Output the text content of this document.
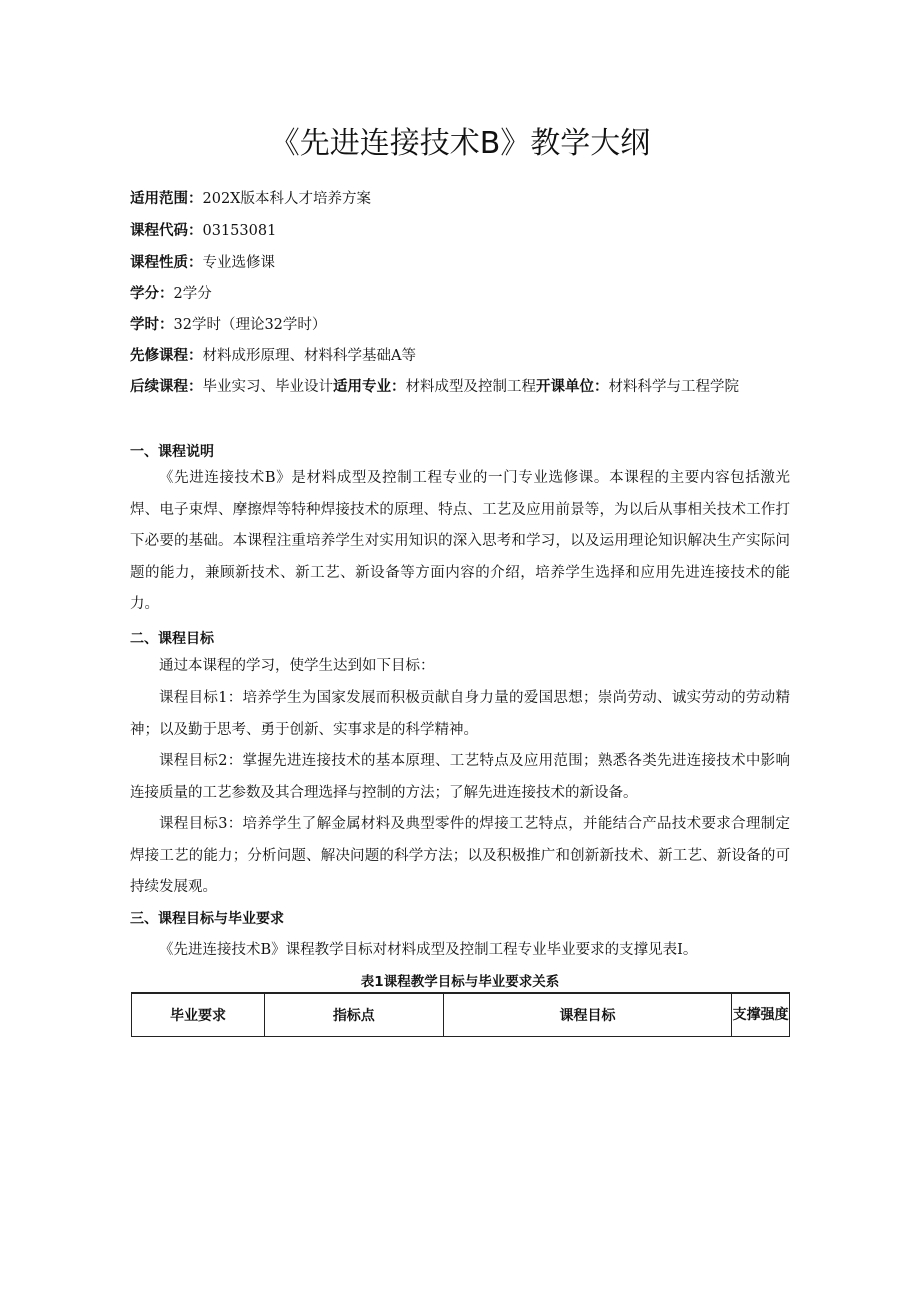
《先进连接技术B》教学大纲
适用范围：202X版本科人才培养方案
课程代码：03153081
课程性质：专业选修课
学分：2学分
学时：32学时（理论32学时）
先修课程：材料成形原理、材料科学基础A等
后续课程：毕业实习、毕业设计适用专业：材料成型及控制工程开课单位：材料科学与工程学院
一、课程说明
《先进连接技术B》是材料成型及控制工程专业的一门专业选修课。本课程的主要内容包括激光焊、电子束焊、摩擦焊等特种焊接技术的原理、特点、工艺及应用前景等，为以后从事相关技术工作打下必要的基础。本课程注重培养学生对实用知识的深入思考和学习，以及运用理论知识解决生产实际问题的能力，兼顾新技术、新工艺、新设备等方面内容的介绍，培养学生选择和应用先进连接技术的能力。
二、课程目标
通过本课程的学习，使学生达到如下目标：
课程目标1：培养学生为国家发展而积极贡献自身力量的爱国思想；崇尚劳动、诚实劳动的劳动精神；以及勤于思考、勇于创新、实事求是的科学精神。
课程目标2：掌握先进连接技术的基本原理、工艺特点及应用范围；熟悉各类先进连接技术中影响连接质量的工艺参数及其合理选择与控制的方法；了解先进连接技术的新设备。
课程目标3：培养学生了解金属材料及典型零件的焊接工艺特点，并能结合产品技术要求合理制定焊接工艺的能力；分析问题、解决问题的科学方法；以及积极推广和创新新技术、新工艺、新设备的可持续发展观。
三、课程目标与毕业要求
《先进连接技术B》课程教学目标对材料成型及控制工程专业毕业要求的支撑见表I。
表1课程教学目标与毕业要求关系
毕业要求	指标点	课程目标	支撑强度
